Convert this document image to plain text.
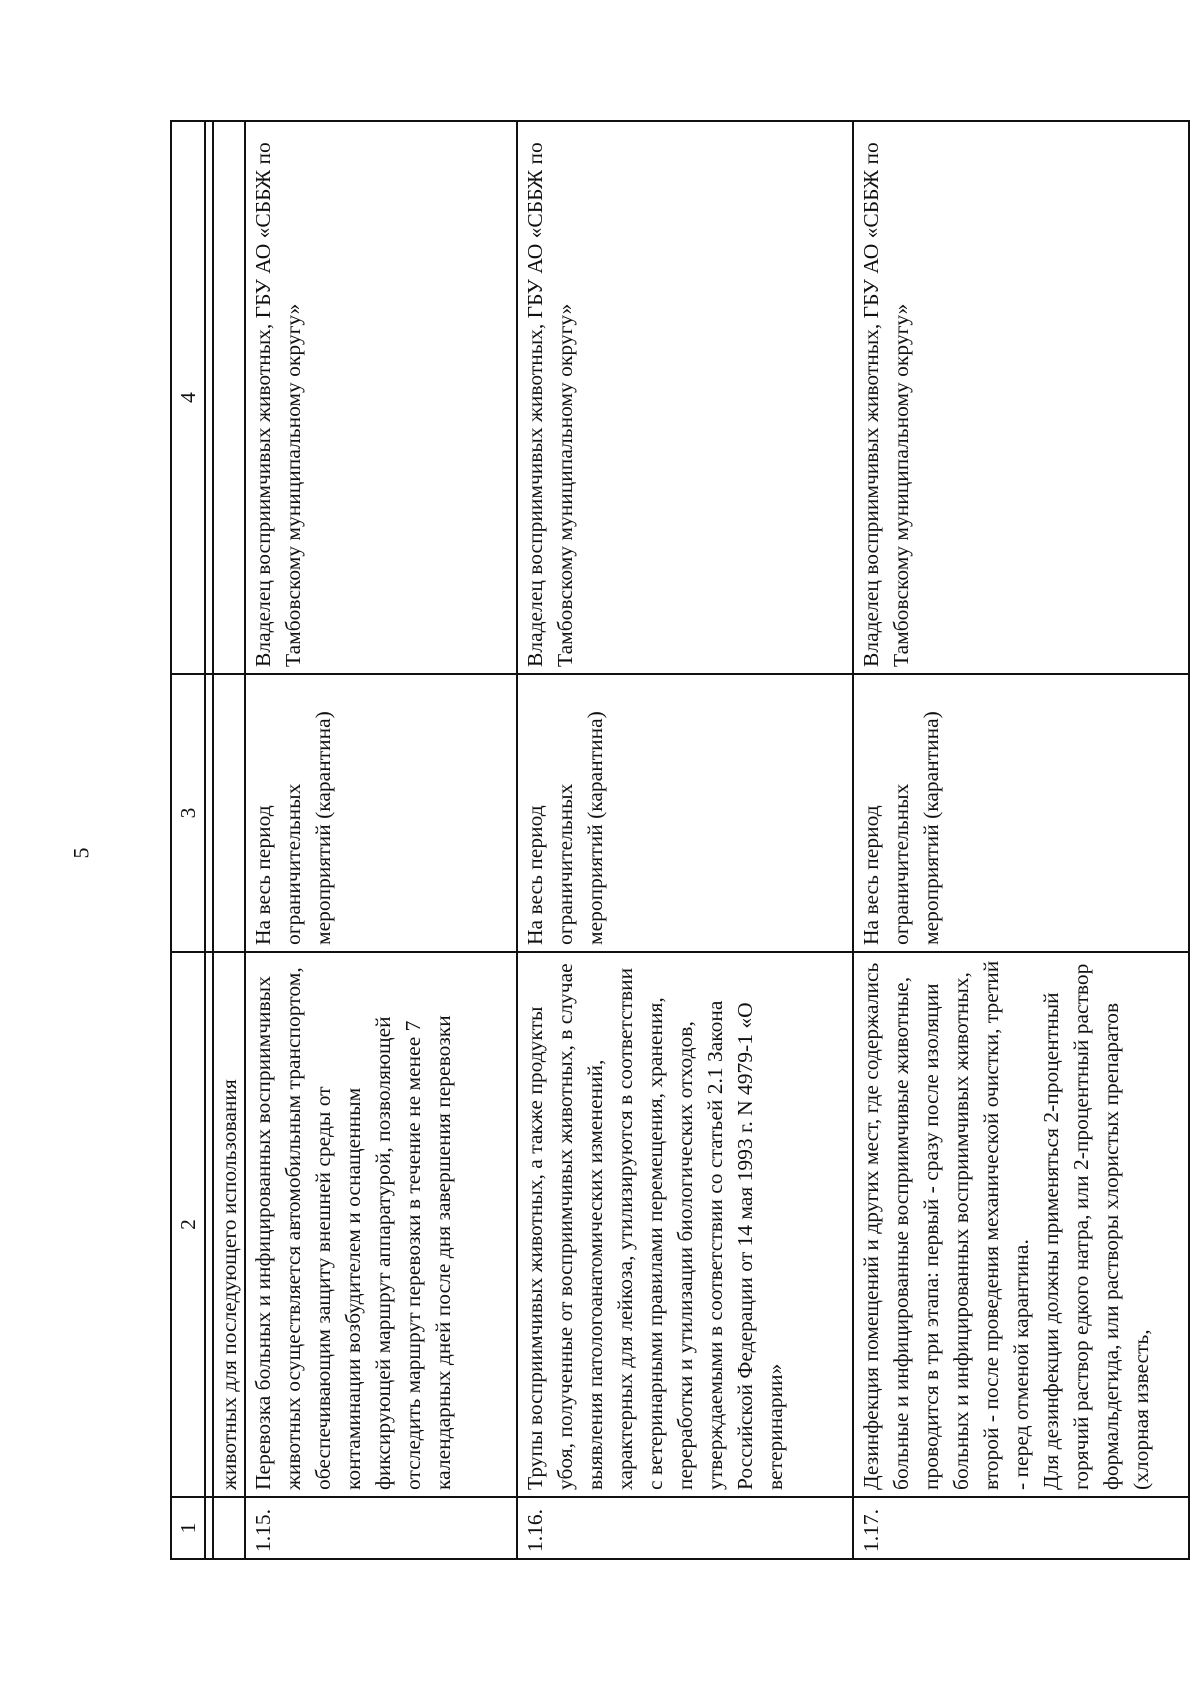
5
1	2	3	4

	животных для последующего использования		
1.15.	Перевозка больных и инфицированных восприимчивых животных осуществляется автомобильным транспортом, обеспечивающим защиту внешней среды от контаминации возбудителем и оснащенным фиксирующей маршрут аппаратурой, позволяющей отследить маршрут перевозки в течение не менее 7 календарных дней после дня завершения перевозки	На весь период ограничительных мероприятий (карантина)	Владелец восприимчивых животных, ГБУ АО «СББЖ по Тамбовскому муниципальному округу»
1.16.	Трупы восприимчивых животных, а также продукты убоя, полученные от восприимчивых животных, в случае выявления патологоанатомических изменений, характерных для лейкоза, утилизируются в соответствии с ветеринарными правилами перемещения, хранения, переработки и утилизации биологических отходов, утверждаемыми в соответствии со статьей 2.1 Закона Российской Федерации от 14 мая 1993 г. N 4979-1 «О ветеринарии»	На весь период ограничительных мероприятий (карантина)	Владелец восприимчивых животных, ГБУ АО «СББЖ по Тамбовскому муниципальному округу»
1.17.	Дезинфекция помещений и других мест, где содержались больные и инфицированные восприимчивые животные, проводится в три этапа: первый - сразу после изоляции больных и инфицированных восприимчивых животных, второй - после проведения механической очистки, третий - перед отменой карантина. Для дезинфекции должны применяться 2-процентный горячий раствор едкого натра, или 2-процентный раствор формальдегида, или растворы хлористых препаратов (хлорная известь,	На весь период ограничительных мероприятий (карантина)	Владелец восприимчивых животных, ГБУ АО «СББЖ по Тамбовскому муниципальному округу»
